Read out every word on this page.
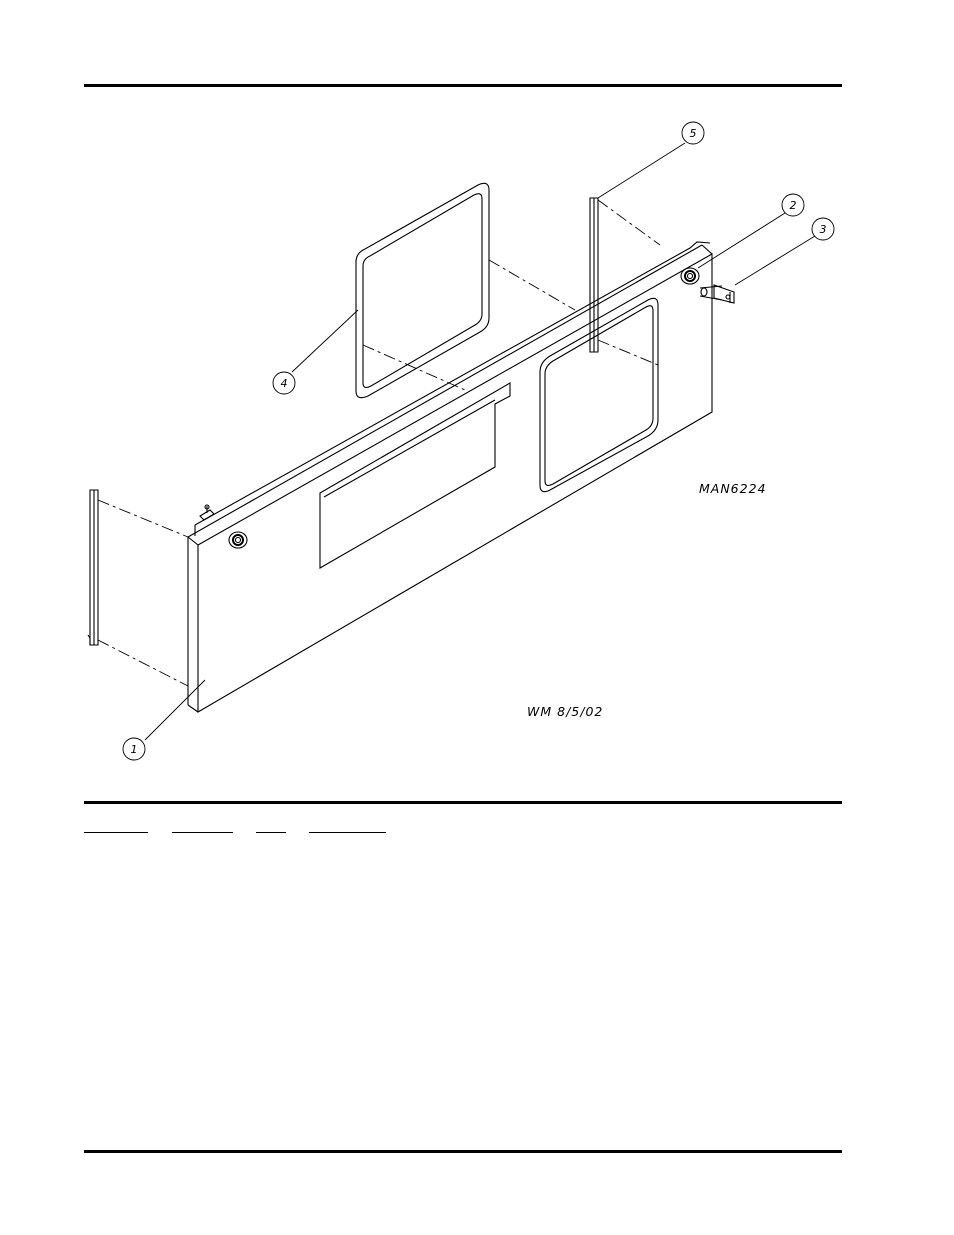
1
2
3
4
5
MAN6224
WM 8/5/02
